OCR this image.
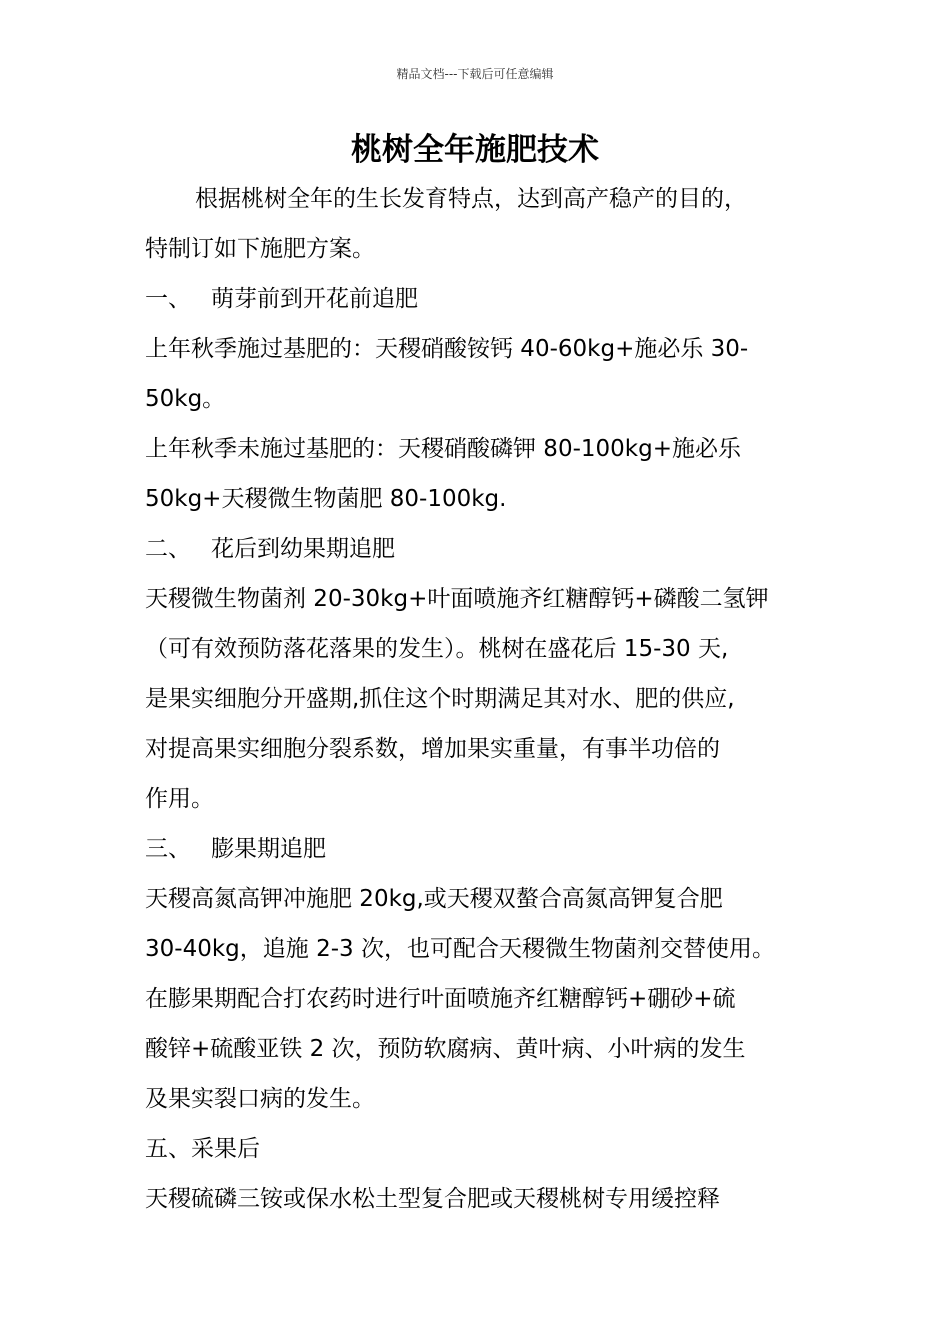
精品文档---下载后可任意编辑
桃树全年施肥技术
根据桃树全年的生长发育特点，达到高产稳产的目的，
特制订如下施肥方案。
一、 萌芽前到开花前追肥
上年秋季施过基肥的：天稷硝酸铵钙 40-60kg+施必乐 30-
50kg。
上年秋季未施过基肥的：天稷硝酸磷钾 80-100kg+施必乐
50kg+天稷微生物菌肥 80-100kg.
二、 花后到幼果期追肥
天稷微生物菌剂 20-30kg+叶面喷施齐红糖醇钙+磷酸二氢钾
（可有效预防落花落果的发生）。桃树在盛花后 15-30 天,
是果实细胞分开盛期,抓住这个时期满足其对水、肥的供应,
对提高果实细胞分裂系数，增加果实重量，有事半功倍的
作用。
三、 膨果期追肥
天稷高氮高钾冲施肥 20kg,或天稷双螯合高氮高钾复合肥
30-40kg，追施 2-3 次，也可配合天稷微生物菌剂交替使用。
在膨果期配合打农药时进行叶面喷施齐红糖醇钙+硼砂+硫
酸锌+硫酸亚铁 2 次，预防软腐病、黄叶病、小叶病的发生
及果实裂口病的发生。
五、采果后
天稷硫磷三铵或保水松土型复合肥或天稷桃树专用缓控释
